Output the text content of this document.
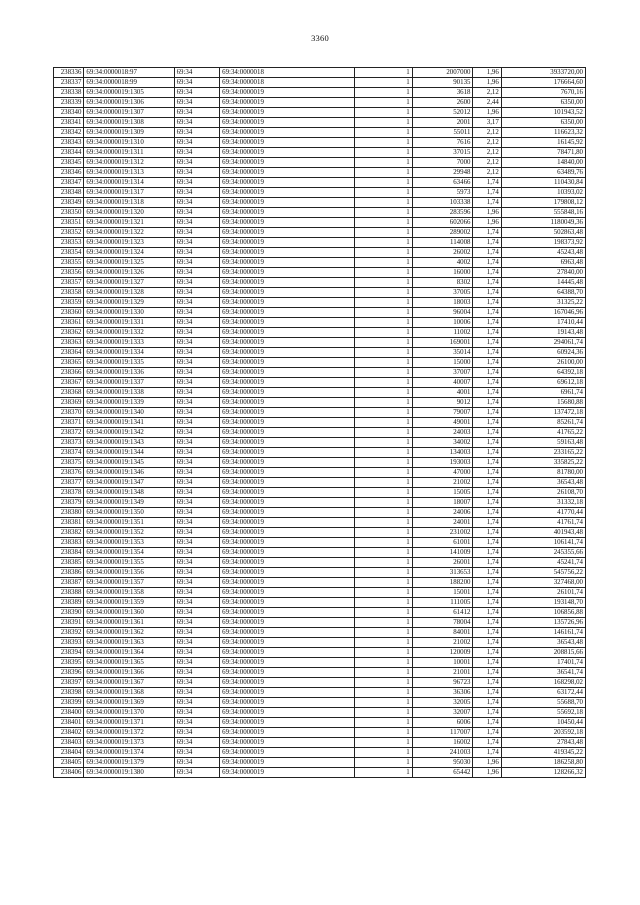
3360
238336	69:34:0000018:97	69:34	69:34:0000018	1	2007000	1,96	3933720,00
238337	69:34:0000018:99	69:34	69:34:0000018	1	90135	1,96	176664,60
238338	69:34:0000019:1305	69:34	69:34:0000019	1	3618	2,12	7670,16
238339	69:34:0000019:1306	69:34	69:34:0000019	1	2600	2,44	6350,00
238340	69:34:0000019:1307	69:34	69:34:0000019	1	52012	1,96	101943,52
238341	69:34:0000019:1308	69:34	69:34:0000019	1	2001	3,17	6350,00
238342	69:34:0000019:1309	69:34	69:34:0000019	1	55011	2,12	116623,32
238343	69:34:0000019:1310	69:34	69:34:0000019	1	7616	2,12	16145,92
238344	69:34:0000019:1311	69:34	69:34:0000019	1	37015	2,12	78471,80
238345	69:34:0000019:1312	69:34	69:34:0000019	1	7000	2,12	14840,00
238346	69:34:0000019:1313	69:34	69:34:0000019	1	29948	2,12	63489,76
238347	69:34:0000019:1314	69:34	69:34:0000019	1	63466	1,74	110430,84
238348	69:34:0000019:1317	69:34	69:34:0000019	1	5973	1,74	10393,02
238349	69:34:0000019:1318	69:34	69:34:0000019	1	103338	1,74	179808,12
238350	69:34:0000019:1320	69:34	69:34:0000019	1	283596	1,96	555848,16
238351	69:34:0000019:1321	69:34	69:34:0000019	1	602066	1,96	1180049,36
238352	69:34:0000019:1322	69:34	69:34:0000019	1	289002	1,74	502863,48
238353	69:34:0000019:1323	69:34	69:34:0000019	1	114008	1,74	198373,92
238354	69:34:0000019:1324	69:34	69:34:0000019	1	26002	1,74	45243,48
238355	69:34:0000019:1325	69:34	69:34:0000019	1	4002	1,74	6963,48
238356	69:34:0000019:1326	69:34	69:34:0000019	1	16000	1,74	27840,00
238357	69:34:0000019:1327	69:34	69:34:0000019	1	8302	1,74	14445,48
238358	69:34:0000019:1328	69:34	69:34:0000019	1	37005	1,74	64388,70
238359	69:34:0000019:1329	69:34	69:34:0000019	1	18003	1,74	31325,22
238360	69:34:0000019:1330	69:34	69:34:0000019	1	96004	1,74	167046,96
238361	69:34:0000019:1331	69:34	69:34:0000019	1	10006	1,74	17410,44
238362	69:34:0000019:1332	69:34	69:34:0000019	1	11002	1,74	19143,48
238363	69:34:0000019:1333	69:34	69:34:0000019	1	169001	1,74	294061,74
238364	69:34:0000019:1334	69:34	69:34:0000019	1	35014	1,74	60924,36
238365	69:34:0000019:1335	69:34	69:34:0000019	1	15000	1,74	26100,00
238366	69:34:0000019:1336	69:34	69:34:0000019	1	37007	1,74	64392,18
238367	69:34:0000019:1337	69:34	69:34:0000019	1	40007	1,74	69612,18
238368	69:34:0000019:1338	69:34	69:34:0000019	1	4001	1,74	6961,74
238369	69:34:0000019:1339	69:34	69:34:0000019	1	9012	1,74	15680,88
238370	69:34:0000019:1340	69:34	69:34:0000019	1	79007	1,74	137472,18
238371	69:34:0000019:1341	69:34	69:34:0000019	1	49001	1,74	85261,74
238372	69:34:0000019:1342	69:34	69:34:0000019	1	24003	1,74	41765,22
238373	69:34:0000019:1343	69:34	69:34:0000019	1	34002	1,74	59163,48
238374	69:34:0000019:1344	69:34	69:34:0000019	1	134003	1,74	233165,22
238375	69:34:0000019:1345	69:34	69:34:0000019	1	193003	1,74	335825,22
238376	69:34:0000019:1346	69:34	69:34:0000019	1	47000	1,74	81780,00
238377	69:34:0000019:1347	69:34	69:34:0000019	1	21002	1,74	36543,48
238378	69:34:0000019:1348	69:34	69:34:0000019	1	15005	1,74	26108,70
238379	69:34:0000019:1349	69:34	69:34:0000019	1	18007	1,74	31332,18
238380	69:34:0000019:1350	69:34	69:34:0000019	1	24006	1,74	41770,44
238381	69:34:0000019:1351	69:34	69:34:0000019	1	24001	1,74	41761,74
238382	69:34:0000019:1352	69:34	69:34:0000019	1	231002	1,74	401943,48
238383	69:34:0000019:1353	69:34	69:34:0000019	1	61001	1,74	106141,74
238384	69:34:0000019:1354	69:34	69:34:0000019	1	141009	1,74	245355,66
238385	69:34:0000019:1355	69:34	69:34:0000019	1	26001	1,74	45241,74
238386	69:34:0000019:1356	69:34	69:34:0000019	1	313653	1,74	545756,22
238387	69:34:0000019:1357	69:34	69:34:0000019	1	188200	1,74	327468,00
238388	69:34:0000019:1358	69:34	69:34:0000019	1	15001	1,74	26101,74
238389	69:34:0000019:1359	69:34	69:34:0000019	1	111005	1,74	193148,70
238390	69:34:0000019:1360	69:34	69:34:0000019	1	61412	1,74	106856,88
238391	69:34:0000019:1361	69:34	69:34:0000019	1	78004	1,74	135726,96
238392	69:34:0000019:1362	69:34	69:34:0000019	1	84001	1,74	146161,74
238393	69:34:0000019:1363	69:34	69:34:0000019	1	21002	1,74	36543,48
238394	69:34:0000019:1364	69:34	69:34:0000019	1	120009	1,74	208815,66
238395	69:34:0000019:1365	69:34	69:34:0000019	1	10001	1,74	17401,74
238396	69:34:0000019:1366	69:34	69:34:0000019	1	21001	1,74	36541,74
238397	69:34:0000019:1367	69:34	69:34:0000019	1	96723	1,74	168298,02
238398	69:34:0000019:1368	69:34	69:34:0000019	1	36306	1,74	63172,44
238399	69:34:0000019:1369	69:34	69:34:0000019	1	32005	1,74	55688,70
238400	69:34:0000019:1370	69:34	69:34:0000019	1	32007	1,74	55692,18
238401	69:34:0000019:1371	69:34	69:34:0000019	1	6006	1,74	10450,44
238402	69:34:0000019:1372	69:34	69:34:0000019	1	117007	1,74	203592,18
238403	69:34:0000019:1373	69:34	69:34:0000019	1	16002	1,74	27843,48
238404	69:34:0000019:1374	69:34	69:34:0000019	1	241003	1,74	419345,22
238405	69:34:0000019:1379	69:34	69:34:0000019	1	95030	1,96	186258,80
238406	69:34:0000019:1380	69:34	69:34:0000019	1	65442	1,96	128266,32
